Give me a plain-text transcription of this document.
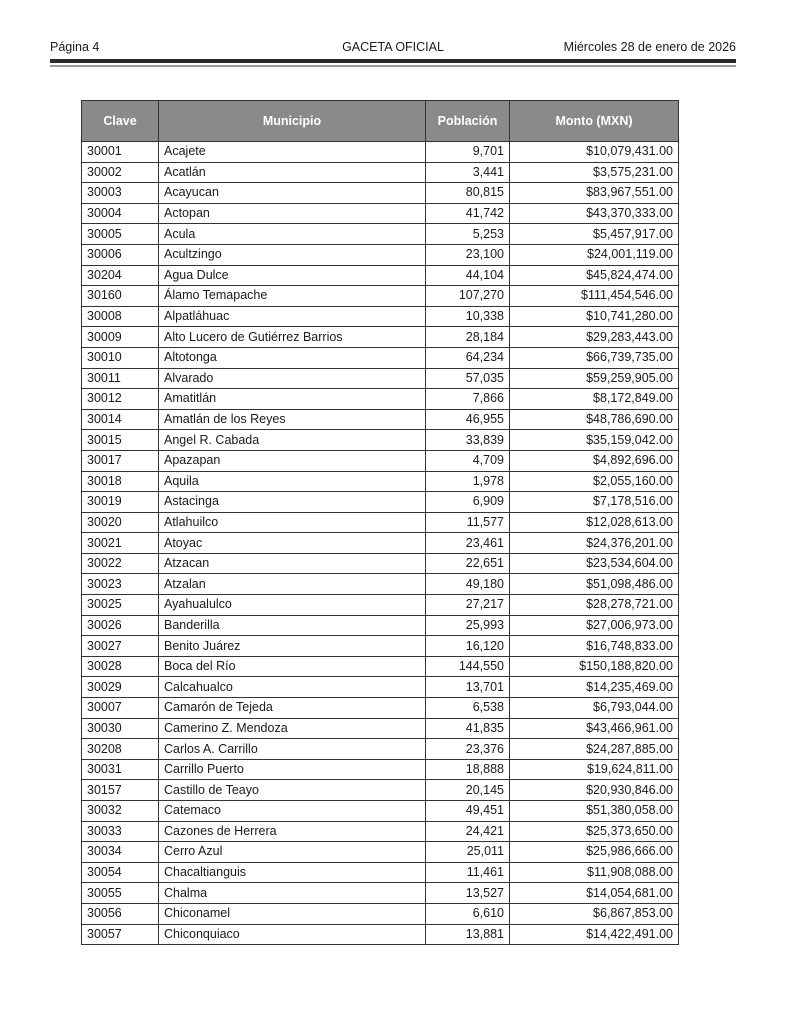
Página 4	GACETA OFICIAL	Miércoles 28 de enero de 2026
Clave	Municipio	Población	Monto (MXN)
30001	Acajete	9,701	$10,079,431.00
30002	Acatlán	3,441	$3,575,231.00
30003	Acayucan	80,815	$83,967,551.00
30004	Actopan	41,742	$43,370,333.00
30005	Acula	5,253	$5,457,917.00
30006	Acultzingo	23,100	$24,001,119.00
30204	Agua Dulce	44,104	$45,824,474.00
30160	Álamo Temapache	107,270	$111,454,546.00
30008	Alpatláhuac	10,338	$10,741,280.00
30009	Alto Lucero de Gutiérrez Barrios	28,184	$29,283,443.00
30010	Altotonga	64,234	$66,739,735.00
30011	Alvarado	57,035	$59,259,905.00
30012	Amatitlán	7,866	$8,172,849.00
30014	Amatlán de los Reyes	46,955	$48,786,690.00
30015	Angel R. Cabada	33,839	$35,159,042.00
30017	Apazapan	4,709	$4,892,696.00
30018	Aquila	1,978	$2,055,160.00
30019	Astacinga	6,909	$7,178,516.00
30020	Atlahuilco	11,577	$12,028,613.00
30021	Atoyac	23,461	$24,376,201.00
30022	Atzacan	22,651	$23,534,604.00
30023	Atzalan	49,180	$51,098,486.00
30025	Ayahualulco	27,217	$28,278,721.00
30026	Banderilla	25,993	$27,006,973.00
30027	Benito Juárez	16,120	$16,748,833.00
30028	Boca del Río	144,550	$150,188,820.00
30029	Calcahualco	13,701	$14,235,469.00
30007	Camarón de Tejeda	6,538	$6,793,044.00
30030	Camerino Z. Mendoza	41,835	$43,466,961.00
30208	Carlos A. Carrillo	23,376	$24,287,885.00
30031	Carrillo Puerto	18,888	$19,624,811.00
30157	Castillo de Teayo	20,145	$20,930,846.00
30032	Catemaco	49,451	$51,380,058.00
30033	Cazones de Herrera	24,421	$25,373,650.00
30034	Cerro Azul	25,011	$25,986,666.00
30054	Chacaltianguis	11,461	$11,908,088.00
30055	Chalma	13,527	$14,054,681.00
30056	Chiconamel	6,610	$6,867,853.00
30057	Chiconquiaco	13,881	$14,422,491.00
